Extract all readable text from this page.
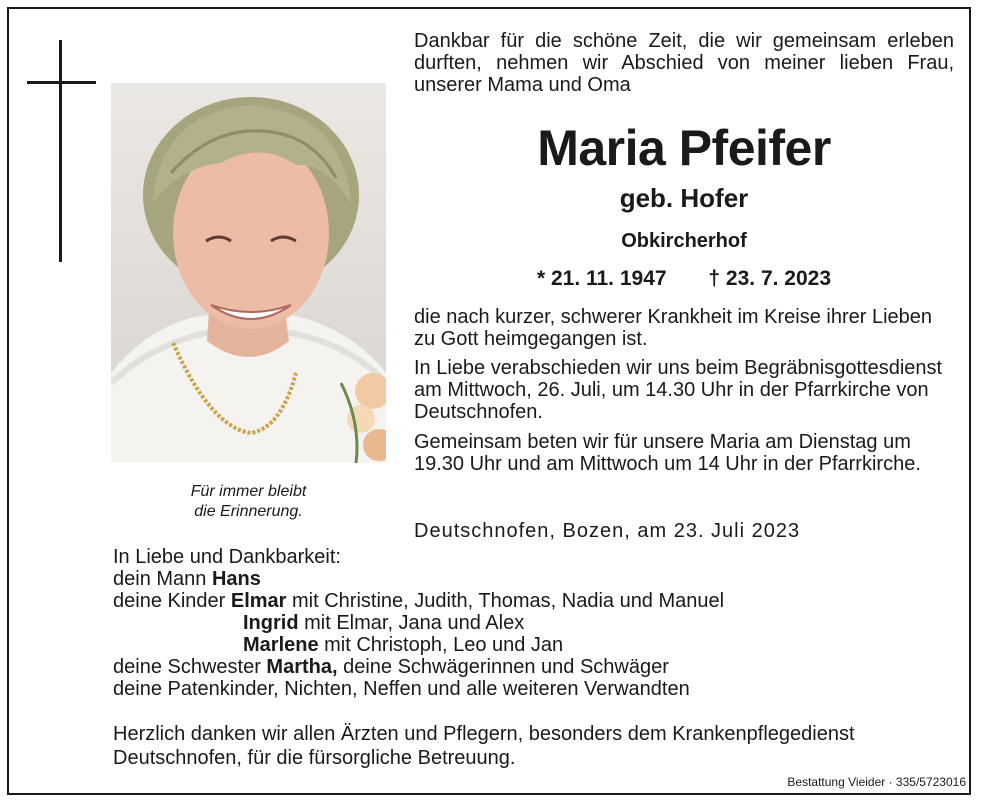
Für immer bleibt
die Erinnerung.
Dankbar für die schöne Zeit, die wir gemeinsam erleben durften, nehmen wir Abschied von meiner lieben Frau, unserer Mama und Oma
Maria Pfeifer
geb. Hofer
Obkircherhof
* 21. 11. 1947 † 23. 7. 2023

die nach kurzer, schwerer Krankheit im Kreise ihrer Lieben zu Gott heimgegangen ist.

In Liebe verabschieden wir uns beim Begräbnisgottesdienst am Mittwoch, 26. Juli, um 14.30 Uhr in der Pfarrkirche von Deutschnofen.

Gemeinsam beten wir für unsere Maria am Dienstag um 19.30 Uhr und am Mittwoch um 14 Uhr in der Pfarrkirche.

Deutschnofen, Bozen, am 23. Juli 2023
In Liebe und Dankbarkeit:
dein Mann Hans
deine Kinder Elmar mit Christine, Judith, Thomas, Nadia und Manuel
Ingrid mit Elmar, Jana und Alex
Marlene mit Christoph, Leo und Jan
deine Schwester Martha, deine Schwägerinnen und Schwäger
deine Patenkinder, Nichten, Neffen und alle weiteren Verwandten

Herzlich danken wir allen Ärzten und Pflegern, besonders dem Krankenpflegedienst Deutschnofen, für die fürsorgliche Betreuung.

Bestattung Vieider · 335/5723016
